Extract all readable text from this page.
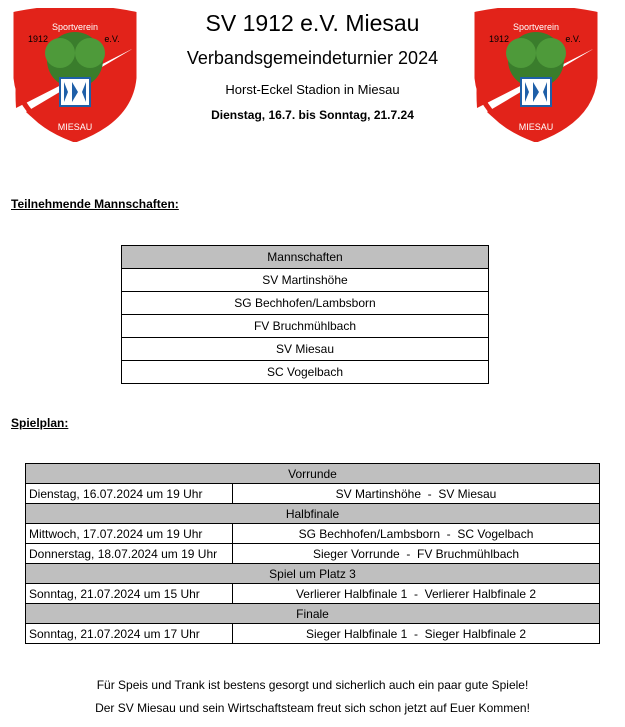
Sportverein
1912	e.V.
MIESAU
Sportverein
1912	e.V.
MIESAU
SV 1912 e.V. Miesau
Verbandsgemeindeturnier 2024
Horst-Eckel Stadion in Miesau
Dienstag, 16.7. bis Sonntag, 21.7.24
Teilnehmende Mannschaften:
Mannschaften
SV Martinshöhe
SG Bechhofen/Lambsborn
FV Bruchmühlbach
SV Miesau
SC Vogelbach
Spielplan:
Vorrunde	
Dienstag, 16.07.2024 um 19 Uhr	SV Martinshöhe  -  SV Miesau
Halbfinale	
Mittwoch, 17.07.2024 um 19 Uhr	SG Bechhofen/Lambsborn  -  SC Vogelbach
Donnerstag, 18.07.2024 um 19 Uhr	Sieger Vorrunde  -  FV Bruchmühlbach
Spiel um Platz 3	
Sonntag, 21.07.2024 um 15 Uhr	Verlierer Halbfinale 1  -  Verlierer Halbfinale 2
Finale	
Sonntag, 21.07.2024 um 17 Uhr	Sieger Halbfinale 1  -  Sieger Halbfinale 2
Für Speis und Trank ist bestens gesorgt und sicherlich auch ein paar gute Spiele!
Der SV Miesau und sein Wirtschaftsteam freut sich schon jetzt auf Euer Kommen!
